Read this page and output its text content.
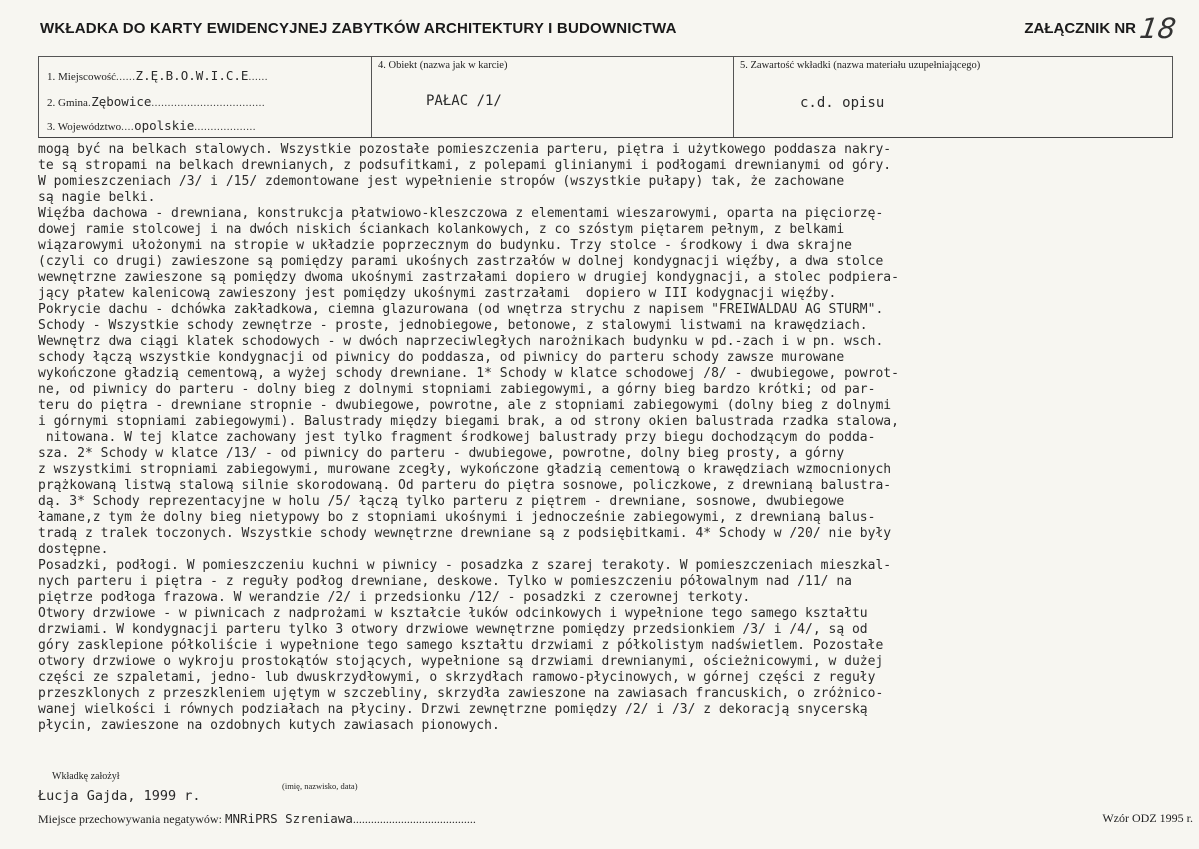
WKŁADKA DO KARTY EWIDENCYJNEJ ZABYTKÓW ARCHITEKTURY I BUDOWNICTWA	ZAŁĄCZNIK NR 18
1. Miejscowość......Z.Ę.B.O.W.I.C.E......
2. Gmina.Zębowice...................................
3. Województwo....opolskie...................
4. Obiekt (nazwa jak w karcie)
PAŁAC /1/
5. Zawartość wkładki (nazwa materiału uzupełniającego)
c.d. opisu
mogą być na belkach stalowych. Wszystkie pozostałe pomieszczenia parteru, piętra i użytkowego poddasza nakry-
te są stropami na belkach drewnianych, z podsufitkami, z polepami glinianymi i podłogami drewnianymi od góry.
W pomieszczeniach /3/ i /15/ zdemontowane jest wypełnienie stropów (wszystkie pułapy) tak, że zachowane
są nagie belki.
Więźba dachowa - drewniana, konstrukcja płatwiowo-kleszczowa z elementami wieszarowymi, oparta na pięciorzę-
dowej ramie stolcowej i na dwóch niskich ściankach kolankowych, z co szóstym piętarem pełnym, z belkami
wiązarowymi ułożonymi na stropie w układzie poprzecznym do budynku. Trzy stolce - środkowy i dwa skrajne
(czyli co drugi) zawieszone są pomiędzy parami ukośnych zastrzałów w dolnej kondygnacji więźby, a dwa stolce
wewnętrzne zawieszone są pomiędzy dwoma ukośnymi zastrzałami dopiero w drugiej kondygnacji, a stolec podpiera-
jący płatew kalenicową zawieszony jest pomiędzy ukośnymi zastrzałami  dopiero w III kodygnacji więźby.
Pokrycie dachu - dchówka zakładkowa, ciemna glazurowana (od wnętrza strychu z napisem "FREIWALDAU AG STURM".
Schody - Wszystkie schody zewnętrze - proste, jednobiegowe, betonowe, z stalowymi listwami na krawędziach.
Wewnętrz dwa ciągi klatek schodowych - w dwóch naprzeciwległych narożnikach budynku w pd.-zach i w pn. wsch.
schody łączą wszystkie kondygnacji od piwnicy do poddasza, od piwnicy do parteru schody zawsze murowane
wykończone gładzią cementową, a wyżej schody drewniane. 1* Schody w klatce schodowej /8/ - dwubiegowe, powrot-
ne, od piwnicy do parteru - dolny bieg z dolnymi stopniami zabiegowymi, a górny bieg bardzo krótki; od par-
teru do piętra - drewniane stropnie - dwubiegowe, powrotne, ale z stopniami zabiegowymi (dolny bieg z dolnymi
i górnymi stopniami zabiegowymi). Balustrady między biegami brak, a od strony okien balustrada rzadka stalowa,
nitowana. W tej klatce zachowany jest tylko fragment środkowej balustrady przy biegu dochodzącym do podda-
sza. 2* Schody w klatce /13/ - od piwnicy do parteru - dwubiegowe, powrotne, dolny bieg prosty, a górny
z wszystkimi stropniami zabiegowymi, murowane zcegły, wykończone gładzią cementową o krawędziach wzmocnionych
prążkowaną listwą stalową silnie skorodowaną. Od parteru do piętra sosnowe, policzkowe, z drewnianą balustra-
dą. 3* Schody reprezentacyjne w holu /5/ łączą tylko parteru z piętrem - drewniane, sosnowe, dwubiegowe
łamane,z tym że dolny bieg nietypowy bo z stopniami ukośnymi i jednocześnie zabiegowymi, z drewnianą balus-
tradą z tralek toczonych. Wszystkie schody wewnętrzne drewniane są z podsiębitkami. 4* Schody w /20/ nie były
dostępne.
Posadzki, podłogi. W pomieszczeniu kuchni w piwnicy - posadzka z szarej terakoty. W pomieszczeniach mieszkal-
nych parteru i piętra - z reguły podłog drewniane, deskowe. Tylko w pomieszczeniu półowalnym nad /11/ na
piętrze podłoga frazowa. W werandzie /2/ i przedsionku /12/ - posadzki z czerownej terkoty.
Otwory drzwiowe - w piwnicach z nadprożami w kształcie łuków odcinkowych i wypełnione tego samego kształtu
drzwiami. W kondygnacji parteru tylko 3 otwory drzwiowe wewnętrzne pomiędzy przedsionkiem /3/ i /4/, są od
góry zasklepione półkoliście i wypełnione tego samego kształtu drzwiami z półkolistym nadświetlem. Pozostałe
otwory drzwiowe o wykroju prostokątów stojących, wypełnione są drzwiami drewnianymi, ościeżnicowymi, w dużej
części ze szpaletami, jedno- lub dwuskrzydłowymi, o skrzydłach ramowo-płycinowych, w górnej części z reguły
przeszklonych z przeszkleniem ujętym w szczebliny, skrzydła zawieszone na zawiasach francuskich, o zróżnico-
wanej wielkości i równych podziałach na płyciny. Drzwi zewnętrzne pomiędzy /2/ i /3/ z dekoracją snycerską
płycin, zawieszone na ozdobnych kutych zawiasach pionowych.
Wkładkę założył
(imię, nazwisko, data)
Łucja Gajda, 1999 r.
Miejsce przechowywania negatywów: MNRiPRS Szreniawa.........................................	Wzór ODZ 1995 r.
